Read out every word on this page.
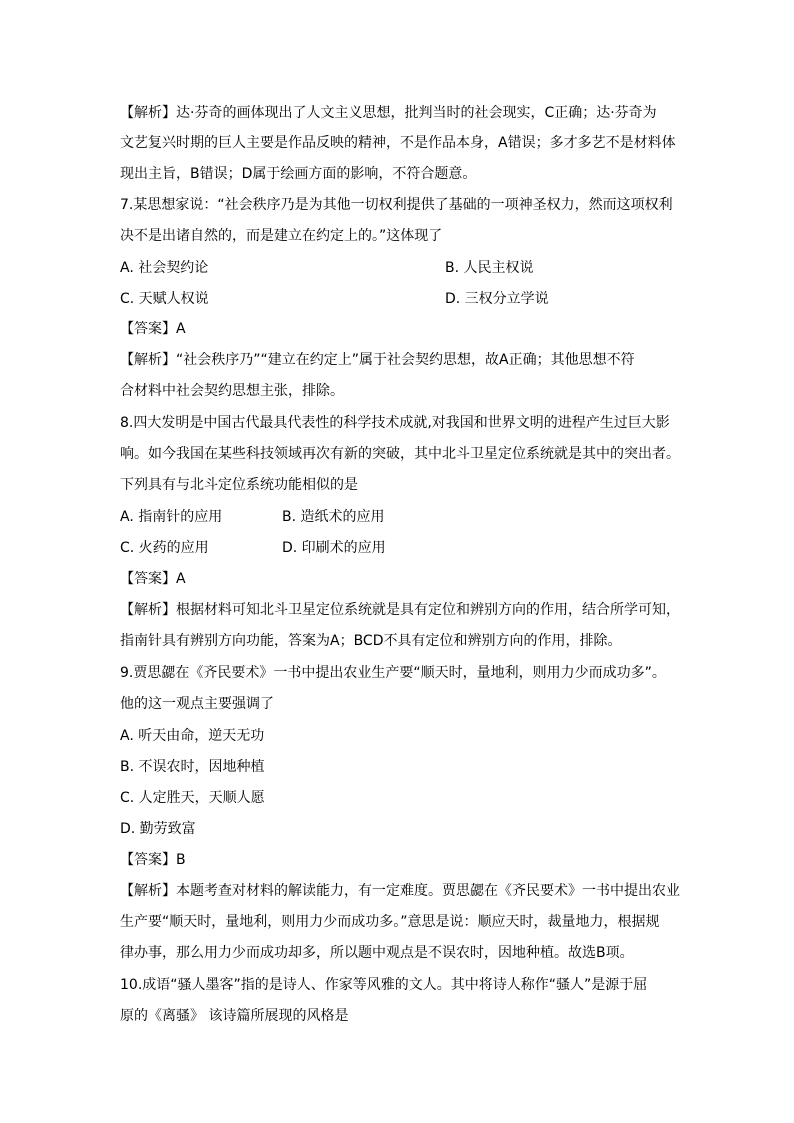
【解析】达·芬奇的画体现出了人文主义思想，批判当时的社会现实，C正确；达·芬奇为
文艺复兴时期的巨人主要是作品反映的精神，不是作品本身，A错误；多才多艺不是材料体
现出主旨，B错误；D属于绘画方面的影响，不符合题意。
7.某思想家说：“社会秩序乃是为其他一切权利提供了基础的一项神圣权力，然而这项权利
决不是出诸自然的，而是建立在约定上的。”这体现了
A. 社会契约论	B. 人民主权说
C. 天赋人权说	D. 三权分立学说
【答案】A
【解析】“社会秩序乃”“建立在约定上”属于社会契约思想，故A正确；其他思想不符
合材料中社会契约思想主张，排除。
8.四大发明是中国古代最具代表性的科学技术成就,对我国和世界文明的进程产生过巨大影
响。如今我国在某些科技领域再次有新的突破，其中北斗卫星定位系统就是其中的突出者。
下列具有与北斗定位系统功能相似的是
A. 指南针的应用	B. 造纸术的应用
C. 火药的应用	D. 印刷术的应用
【答案】A
【解析】根据材料可知北斗卫星定位系统就是具有定位和辨别方向的作用，结合所学可知，
指南针具有辨别方向功能，答案为A；BCD不具有定位和辨别方向的作用，排除。
9.贾思勰在《齐民要术》一书中提出农业生产要“顺天时，量地利，则用力少而成功多”。
他的这一观点主要强调了
A. 听天由命，逆天无功
B. 不误农时，因地种植
C. 人定胜天，天顺人愿
D. 勤劳致富
【答案】B
【解析】本题考查对材料的解读能力，有一定难度。贾思勰在《齐民要术》一书中提出农业
生产要“顺天时，量地利，则用力少而成功多。”意思是说：顺应天时，裁量地力，根据规
律办事，那么用力少而成功却多，所以题中观点是不误农时，因地种植。故选B项。
10.成语“骚人墨客”指的是诗人、作家等风雅的文人。其中将诗人称作“骚人”是源于屈
原的《离骚》 该诗篇所展现的风格是
